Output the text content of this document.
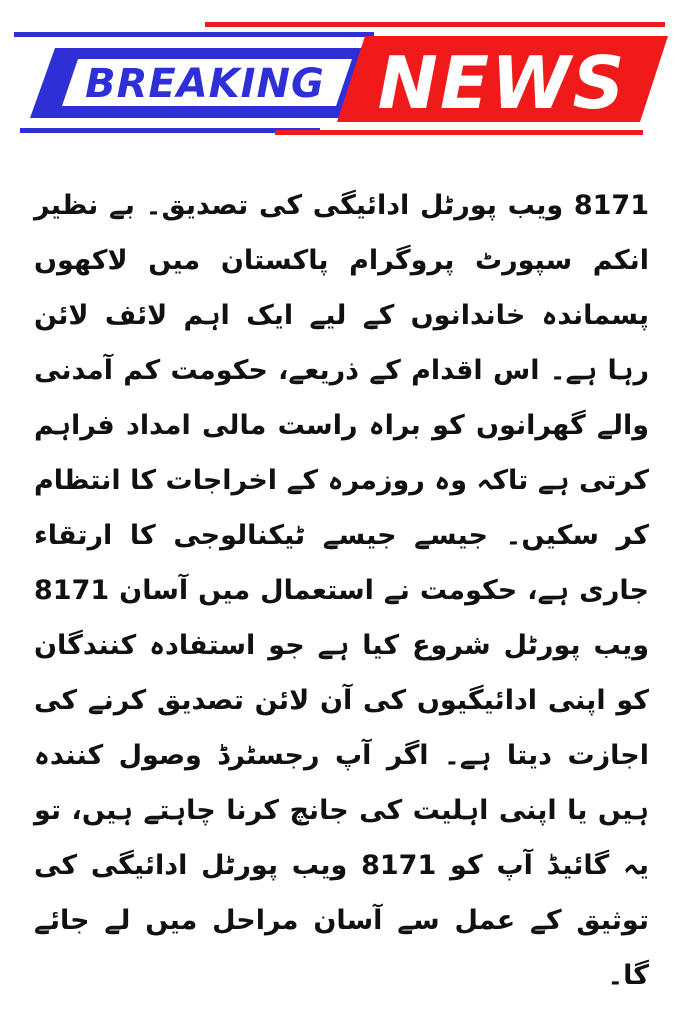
BREAKING NEWS

8171 ویب پورٹل ادائیگی کی تصدیق۔ بے نظیر انکم سپورٹ پروگرام پاکستان میں لاکھوں پسماندہ خاندانوں کے لیے ایک اہم لائف لائن رہا ہے۔ اس اقدام کے ذریعے، حکومت کم آمدنی والے گھرانوں کو براہ راست مالی امداد فراہم کرتی ہے تاکہ وہ روزمرہ کے اخراجات کا انتظام کر سکیں۔ جیسے جیسے ٹیکنالوجی کا ارتقاء جاری ہے، حکومت نے استعمال میں آسان 8171 ویب پورٹل شروع کیا ہے جو استفادہ کنندگان کو اپنی ادائیگیوں کی آن لائن تصدیق کرنے کی اجازت دیتا ہے۔ اگر آپ رجسٹرڈ وصول کنندہ ہیں یا اپنی اہلیت کی جانچ کرنا چاہتے ہیں، تو یہ گائیڈ آپ کو 8171 ویب پورٹل ادائیگی کی توثیق کے عمل سے آسان مراحل میں لے جائے گا۔
